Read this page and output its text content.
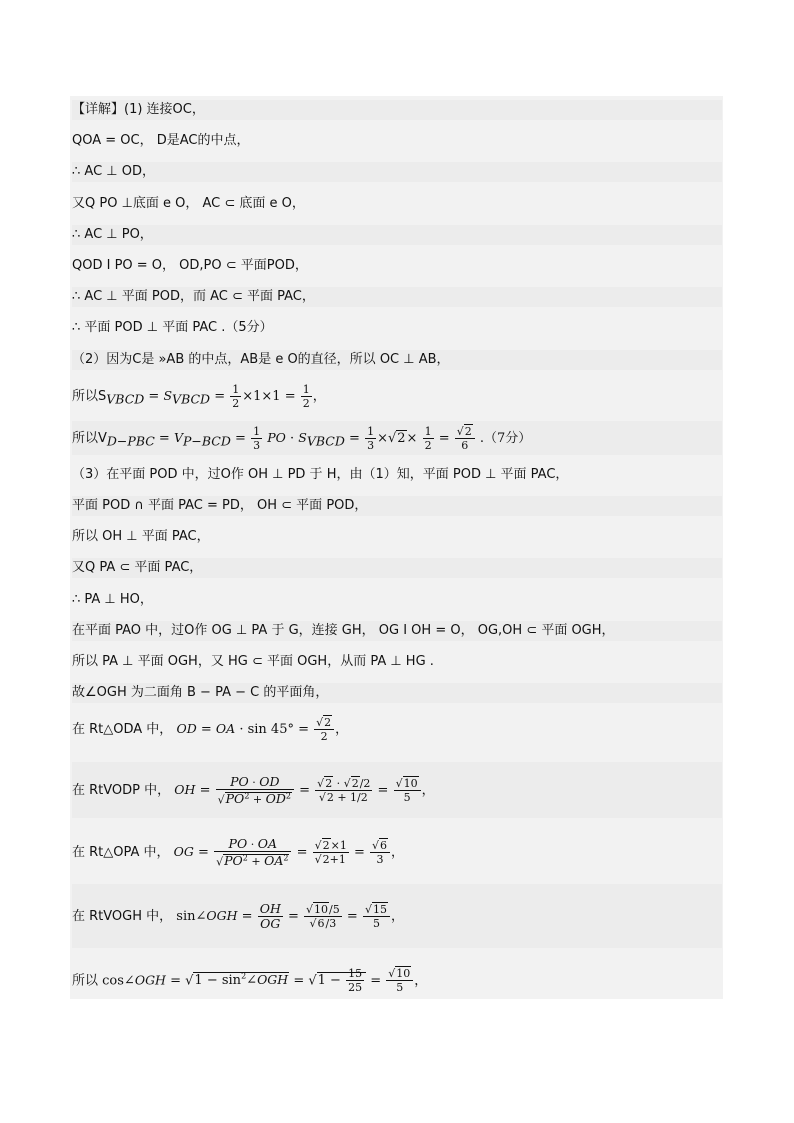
【详解】(1) 连接OC，
QOA = OC， D是AC的中点，
∴ AC ⊥ OD，
又Q PO ⊥底面 e O， AC ⊂ 底面 e O，
∴ AC ⊥ PO，
QOD I PO = O， OD,PO ⊂ 平面POD，
∴ AC ⊥ 平面 POD，而 AC ⊂ 平面 PAC，
∴ 平面 POD ⊥ 平面 PAC .（5分）
（2）因为C是 »AB 的中点，AB是 e O的直径，所以 OC ⊥ AB，
所以$S_{VBCD} = S_{VBCD} = \frac{1}{2} \times 1\times 1 = \frac{1}{2}$ ，
所以$V_{D-PBC} = V_{P-BCD} = \frac{1}{3}$ PO · $S_{VBCD} = \frac{1}{3} \times√2\times \frac{1}{2} = \frac{√2}{6} .(7$分）
（3）在平面 POD 中，过O作 OH ⊥ PD 于 H，由（1）知，平面 POD ⊥ 平面 PAC，
平面 POD ∩ 平面 PAC = PD， OH ⊂ 平面 POD，
所以 OH ⊥ 平面 PAC，
又Q PA ⊂ 平面 PAC，
∴ PA ⊥ HO，
在平面 PAO 中，过O作 OG ⊥ PA 于 G，连接 GH， OG I OH = O， OG,OH ⊂ 平面 OGH，
所以 PA ⊥ 平面 OGH，又 HG ⊂ 平面 OGH，从而 PA ⊥ HG .
故∠OGH 为二面角 B − PA − C 的平面角，
在 Rt△ODA 中， OD = OA · $\sin 45^\circ = \frac{√2}{2}$ ，
在 RtVODP 中， OH = $\frac{PO \cdot OD}{√PO^2 + OD^2} = \frac{√2 \cdot √2/2}{√2 + 1/2} = \frac{√10}{5}$ ，
在 Rt△OPA 中， OG = $\frac{PO \cdot OA}{√PO^2 + OA^2} = \frac{√2\times 1}{√2+1} = \frac{√6}{3}$ ，
在 RtVOGH 中， sin∠OGH = $\frac{OH}{OG} = \frac{√10/5}{√6/3} = \frac{√15}{5}$ ，
所以 cos∠OGH = $√1 - \sin^2\angle OGH = √1 - \frac{15}{25} = \frac{√10}{5}$ ，
